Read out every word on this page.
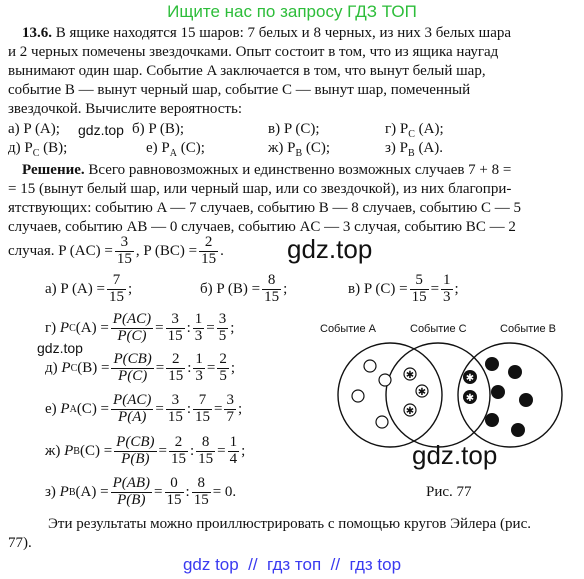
Ищите нас по запросу ГДЗ ТОП
13.6. В ящике находятся 15 шаров: 7 белых и 8 черных, из них 3 белых шара
и 2 черных помечены звездочками. Опыт состоит в том, что из ящика наугад
вынимают один шар. Событие A заключается в том, что вынут белый шар,
событие B — вынут черный шар, событие C — вынут шар, помеченный
звездочкой. Вычислите вероятность:
а) P (A); gdz.top б) P (B);	в) P (C);	г) $P_C$ (A);
д) $P_C$ (B);	е) $P_A$ (C);	ж) $P_B$ (C);	з) $P_B$ (A).
Решение. Всего равновозможных и единственно возможных случаев 7 + 8 =
= 15 (вынут белый шар, или черный шар, или со звездочкой), из них благопри-
ятствующих: событию A — 7 случаев, событию B — 8 случаев, событию C — 5
случаев, событию AB — 0 случаев, событию AC — 3 случая, событию BC — 2
случая.
P $(AC) = \frac{3}{15}$ , P $(BC) = \frac{2}{15}$ . gdz.top
а) P $(A) = \frac{7}{15}$ ;	б) P $(B) = \frac{8}{15}$ ;	в) P $(C) = \frac{5}{15} = \frac{1}{3}$ ;
г)
P C $(A) = \frac{P(AC)}{P(C)} = \frac{3}{15}$ : $\frac{1}{3} = \frac{3}{5}$ ;
gdz.top
д)
P C $(B) = \frac{P(CB)}{P(C)} = \frac{2}{15}$ : $\frac{1}{3} = \frac{2}{5}$ ;
е)
P A $(C) = \frac{P(AC)}{P(A)} = \frac{3}{15}$ : $\frac{7}{15} = \frac{3}{7}$ ;
ж)
P B $(C) = \frac{P(CB)}{P(B)} = \frac{2}{15}$ : $\frac{8}{15} = \frac{1}{4}$ ;
з)
P B $(A) = \frac{P(AB)}{P(B)} = \frac{0}{15}$ : $\frac{8}{15} = 0$.
Событие A	Событие C	Событие B
✱
✱
✱
✱
✱
gdz.top
Рис. 77
Эти результаты можно проиллюстрировать с помощью кругов Эйлера (рис.
77).
gdz top  //  гдз топ  //  гдз top
